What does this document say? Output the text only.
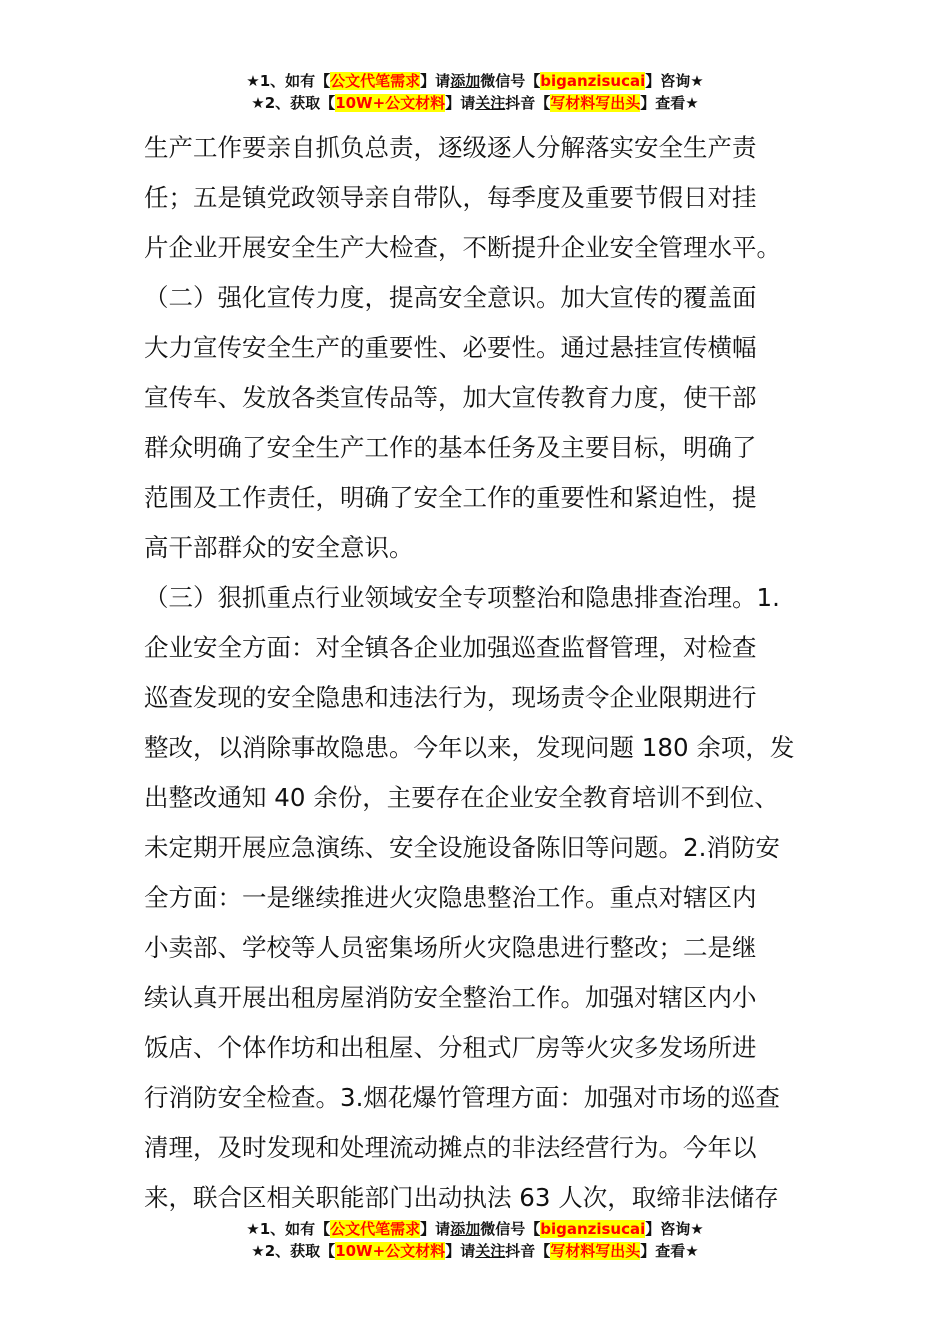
★1、如有【公文代笔需求】请添加微信号【biganzisucai】咨询★
★2、获取【10W+公文材料】请关注抖音【写材料写出头】查看★
生产工作要亲自抓负总责，逐级逐人分解落实安全生产责
任；五是镇党政领导亲自带队，每季度及重要节假日对挂
片企业开展安全生产大检查，不断提升企业安全管理水平。
（二）强化宣传力度，提高安全意识。加大宣传的覆盖面
大力宣传安全生产的重要性、必要性。通过悬挂宣传横幅
宣传车、发放各类宣传品等，加大宣传教育力度，使干部
群众明确了安全生产工作的基本任务及主要目标，明确了
范围及工作责任，明确了安全工作的重要性和紧迫性，提
高干部群众的安全意识。
（三）狠抓重点行业领域安全专项整治和隐患排查治理。1.
企业安全方面：对全镇各企业加强巡查监督管理，对检查
巡查发现的安全隐患和违法行为，现场责令企业限期进行
整改，以消除事故隐患。今年以来，发现问题 180 余项，发
出整改通知 40 余份，主要存在企业安全教育培训不到位、
未定期开展应急演练、安全设施设备陈旧等问题。2.消防安
全方面：一是继续推进火灾隐患整治工作。重点对辖区内
小卖部、学校等人员密集场所火灾隐患进行整改；二是继
续认真开展出租房屋消防安全整治工作。加强对辖区内小
饭店、个体作坊和出租屋、分租式厂房等火灾多发场所进
行消防安全检查。3.烟花爆竹管理方面：加强对市场的巡查
清理，及时发现和处理流动摊点的非法经营行为。今年以
来，联合区相关职能部门出动执法 63 人次，取缔非法储存
★1、如有【公文代笔需求】请添加微信号【biganzisucai】咨询★
★2、获取【10W+公文材料】请关注抖音【写材料写出头】查看★
